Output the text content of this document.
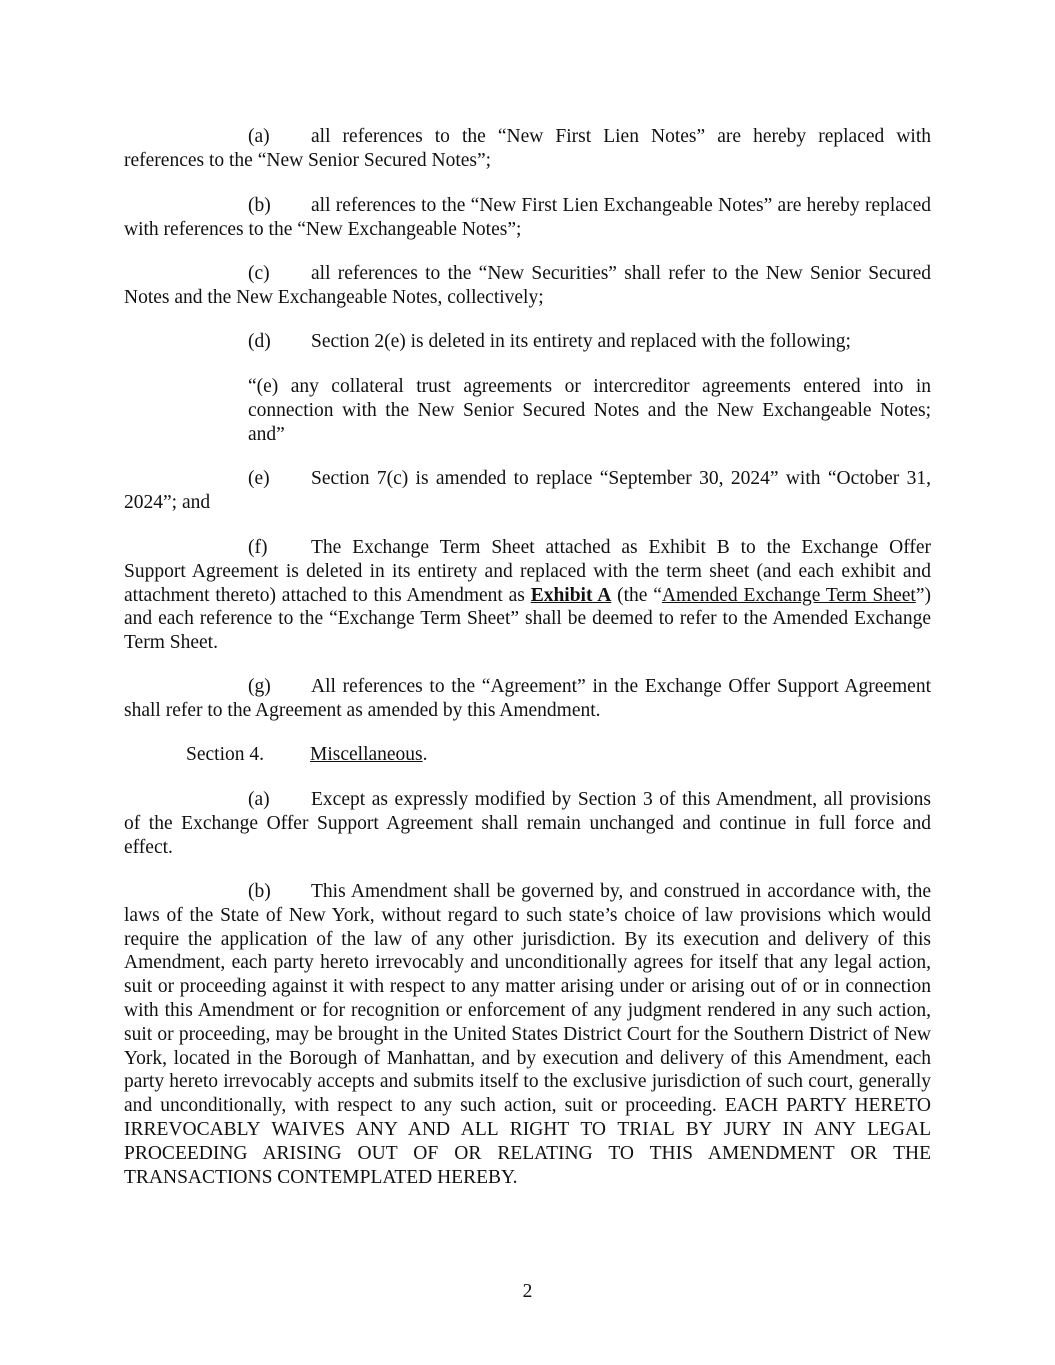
(a) all references to the “New First Lien Notes” are hereby replaced with references to the “New Senior Secured Notes”;

(b) all references to the “New First Lien Exchangeable Notes” are hereby replaced with references to the “New Exchangeable Notes”;

(c) all references to the “New Securities” shall refer to the New Senior Secured Notes and the New Exchangeable Notes, collectively;

(d) Section 2(e) is deleted in its entirety and replaced with the following;

“(e) any collateral trust agreements or intercreditor agreements entered into in connection with the New Senior Secured Notes and the New Exchangeable Notes; and”

(e) Section 7(c) is amended to replace “September 30, 2024” with “October 31, 2024”; and

(f) The Exchange Term Sheet attached as Exhibit B to the Exchange Offer Support Agreement is deleted in its entirety and replaced with the term sheet (and each exhibit and attachment thereto) attached to this Amendment as Exhibit A (the “Amended Exchange Term Sheet”) and each reference to the “Exchange Term Sheet” shall be deemed to refer to the Amended Exchange Term Sheet.

(g) All references to the “Agreement” in the Exchange Offer Support Agreement shall refer to the Agreement as amended by this Amendment.

Section 4. Miscellaneous.

(a) Except as expressly modified by Section 3 of this Amendment, all provisions of the Exchange Offer Support Agreement shall remain unchanged and continue in full force and effect.

(b) This Amendment shall be governed by, and construed in accordance with, the laws of the State of New York, without regard to such state’s choice of law provisions which would require the application of the law of any other jurisdiction. By its execution and delivery of this Amendment, each party hereto irrevocably and unconditionally agrees for itself that any legal action, suit or proceeding against it with respect to any matter arising under or arising out of or in connection with this Amendment or for recognition or enforcement of any judgment rendered in any such action, suit or proceeding, may be brought in the United States District Court for the Southern District of New York, located in the Borough of Manhattan, and by execution and delivery of this Amendment, each party hereto irrevocably accepts and submits itself to the exclusive jurisdiction of such court, generally and unconditionally, with respect to any such action, suit or proceeding. EACH PARTY HERETO IRREVOCABLY WAIVES ANY AND ALL RIGHT TO TRIAL BY JURY IN ANY LEGAL PROCEEDING ARISING OUT OF OR RELATING TO THIS AMENDMENT OR THE TRANSACTIONS CONTEMPLATED HEREBY.

2
